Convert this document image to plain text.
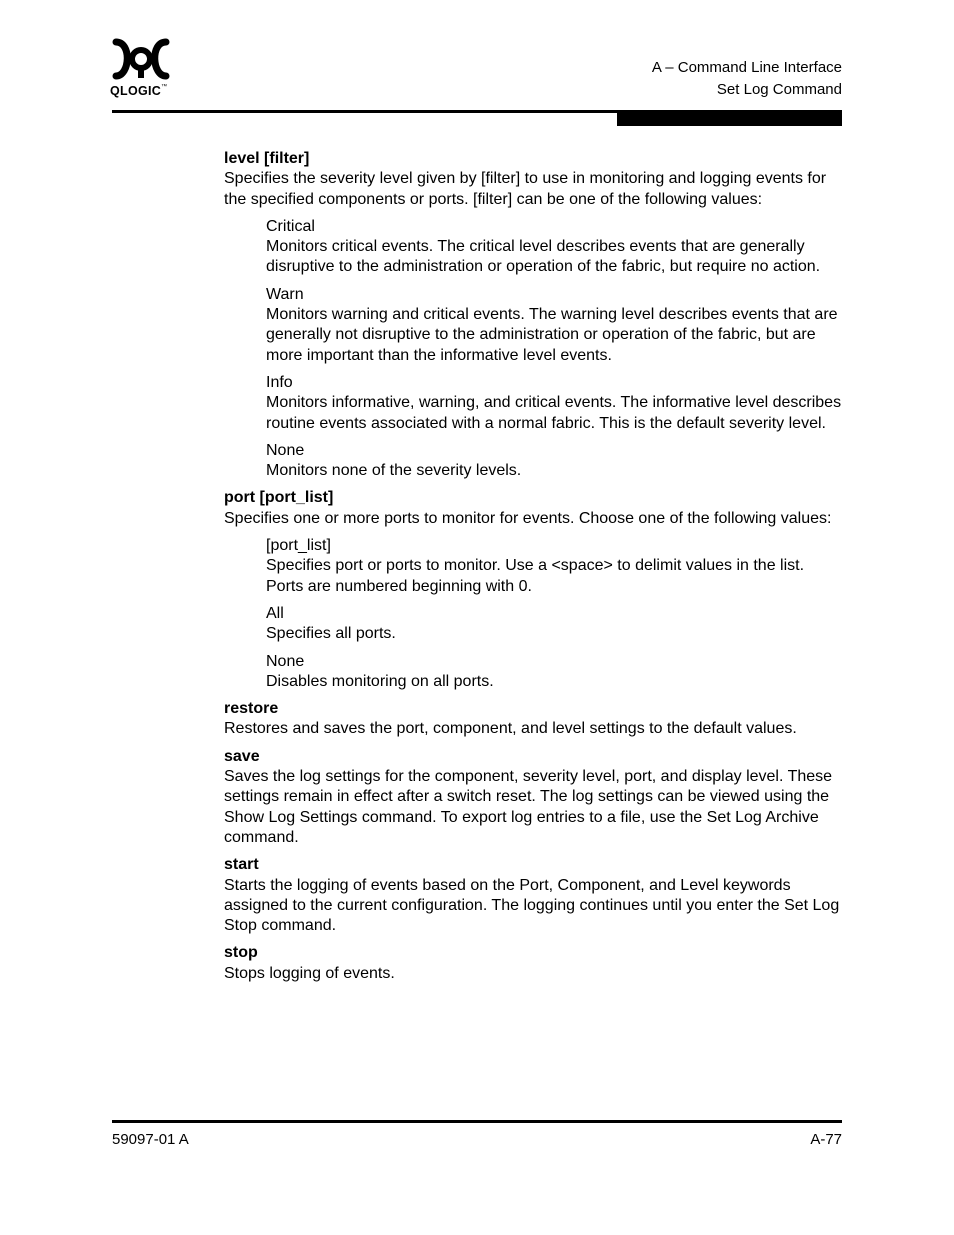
QLOGIC™
A – Command Line Interface
Set Log Command
level [filter]

Specifies the severity level given by [filter] to use in monitoring and logging events for the specified components or ports. [filter] can be one of the following values:

Critical

Monitors critical events. The critical level describes events that are generally disruptive to the administration or operation of the fabric, but require no action.

Warn

Monitors warning and critical events. The warning level describes events that are generally not disruptive to the administration or operation of the fabric, but are more important than the informative level events.

Info

Monitors informative, warning, and critical events. The informative level describes routine events associated with a normal fabric. This is the default severity level.

None

Monitors none of the severity levels.

port [port_list]

Specifies one or more ports to monitor for events. Choose one of the following values:

[port_list]

Specifies port or ports to monitor. Use a <space> to delimit values in the list. Ports are numbered beginning with 0.

All

Specifies all ports.

None

Disables monitoring on all ports.

restore

Restores and saves the port, component, and level settings to the default values.

save

Saves the log settings for the component, severity level, port, and display level. These settings remain in effect after a switch reset. The log settings can be viewed using the Show Log Settings command. To export log entries to a file, use the Set Log Archive command.

start

Starts the logging of events based on the Port, Component, and Level keywords assigned to the current configuration. The logging continues until you enter the Set Log Stop command.

stop

Stops logging of events.

59097-01 A	A-77
